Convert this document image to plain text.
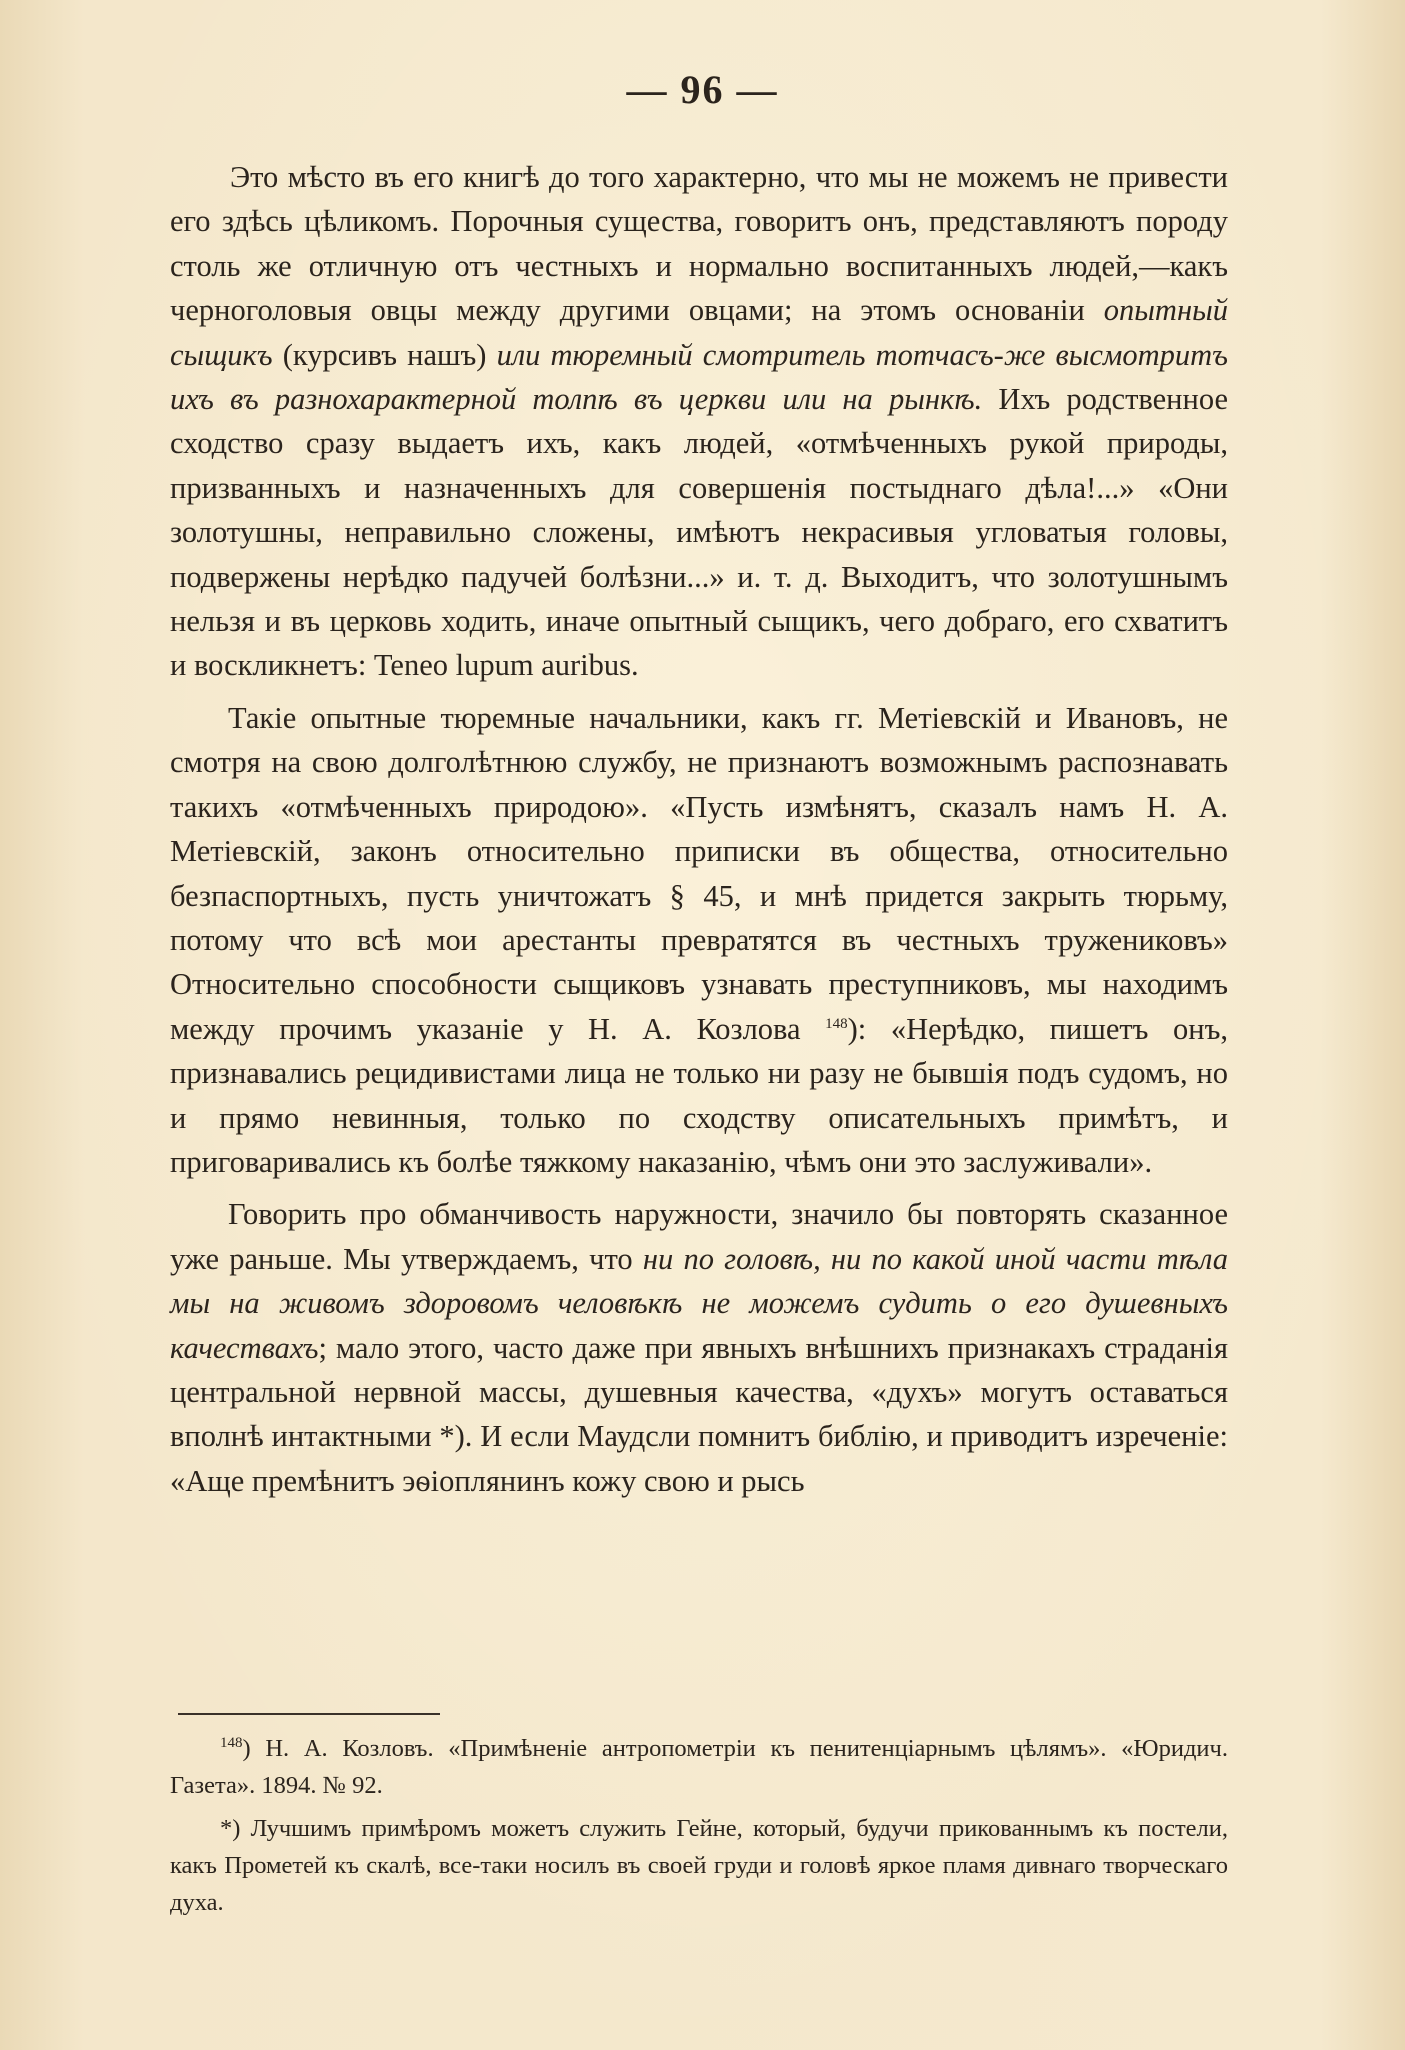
— 96 —

Это мѣсто въ его книгѣ до того характерно, что мы не можемъ не привести его здѣсь цѣликомъ. Порочныя существа, говоритъ онъ, представляютъ породу столь же отличную отъ честныхъ и нормально воспитанныхъ людей,—какъ черноголовыя овцы между другими овцами; на этомъ основанiи опытный сыщикъ (курсивъ нашъ) или тюремный смотритель тотчасъ-же высмотритъ ихъ въ разнохарактерной толпѣ въ церкви или на рынкѣ. Ихъ родственное сходство сразу выдаетъ ихъ, какъ людей, «отмѣченныхъ рукой природы, призванныхъ и назначенныхъ для совершенiя постыднаго дѣла!...» «Они золотушны, неправильно сложены, имѣютъ некрасивыя угловатыя головы, подвержены нерѣдко падучей болѣзни...» и. т. д. Выходитъ, что золотушнымъ нельзя и въ церковь ходить, иначе опытный сыщикъ, чего добраго, его схватитъ и воскликнетъ: Teneo lupum auribus.

Такiе опытные тюремные начальники, какъ гг. Метiевскiй и Ивановъ, не смотря на свою долголѣтнюю службу, не признаютъ возможнымъ распознавать такихъ «отмѣченныхъ природою». «Пусть измѣнятъ, сказалъ намъ Н. А. Метiевскiй, законъ относительно приписки въ общества, относительно безпаспортныхъ, пусть уничтожатъ § 45, и мнѣ придется закрыть тюрьму, потому что всѣ мои арестанты превратятся въ честныхъ тружениковъ» Относительно способности сыщиковъ узнавать преступниковъ, мы находимъ между прочимъ указанiе у Н. А. Козлова $^{148}$): «Нерѣдко, пишетъ онъ, признавались рецидивистами лица не только ни разу не бывшiя подъ судомъ, но и прямо невинныя, только по сходству описательныхъ примѣтъ, и приговаривались къ болѣе тяжкому наказанiю, чѣмъ они это заслуживали».

Говорить про обманчивость наружности, значило бы повторять сказанное уже раньше. Мы утверждаемъ, что ни по головѣ, ни по какой иной части тѣла мы на живомъ здоровомъ человѣкѣ не можемъ судить о его душевныхъ качествахъ; мало этого, часто даже при явныхъ внѣшнихъ признакахъ страданiя центральной нервной массы, душевныя качества, «духъ» могутъ оставаться вполнѣ интактными *). И если Маудсли помнитъ библiю, и приводитъ изреченiе: «Аще премѣнитъ эѳiоплянинъ кожу свою и рысь

$^{148}$) Н. А. Козловъ. «Примѣненiе антропометрiи къ пенитенцiарнымъ цѣлямъ». «Юридич. Газета». 1894. № 92.

*) Лучшимъ примѣромъ можетъ служить Гейне, который, будучи прикованнымъ къ постели, какъ Прометей къ скалѣ, все-таки носилъ въ своей груди и головѣ яркое пламя дивнаго творческаго духа.
